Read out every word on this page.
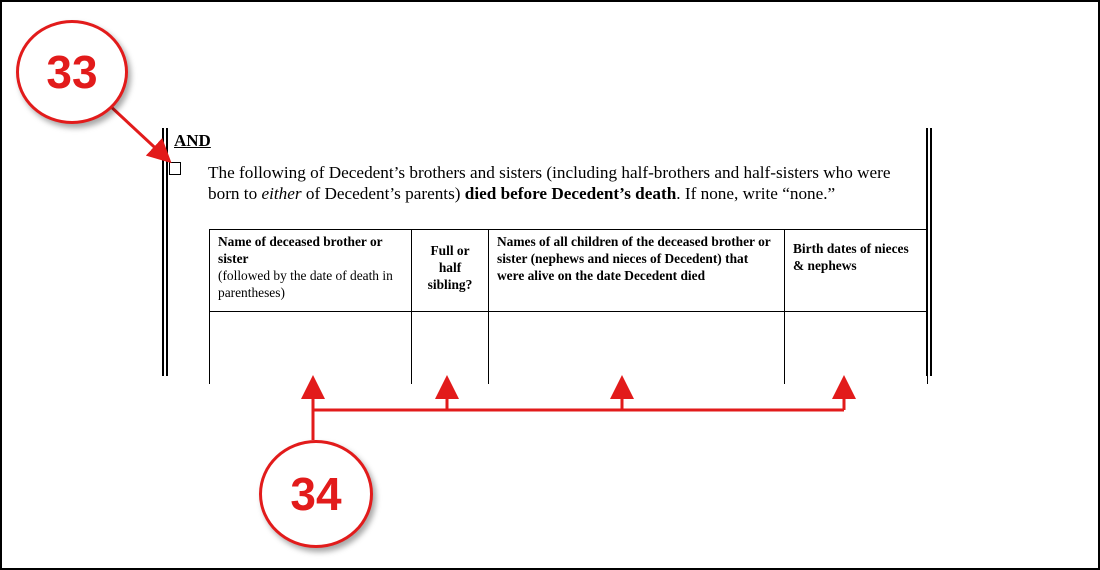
AND
The following of Decedent’s brothers and sisters (including half-brothers and half-sisters who were born to either of Decedent’s parents) died before Decedent’s death. If none, write “none.”
Name of deceased brother or sister
(followed by the date of death in parentheses)	Full or half sibling?	Names of all children of the deceased brother or sister (nephews and nieces of Decedent) that were alive on the date Decedent died	Birth dates of nieces & nephews

33
34
